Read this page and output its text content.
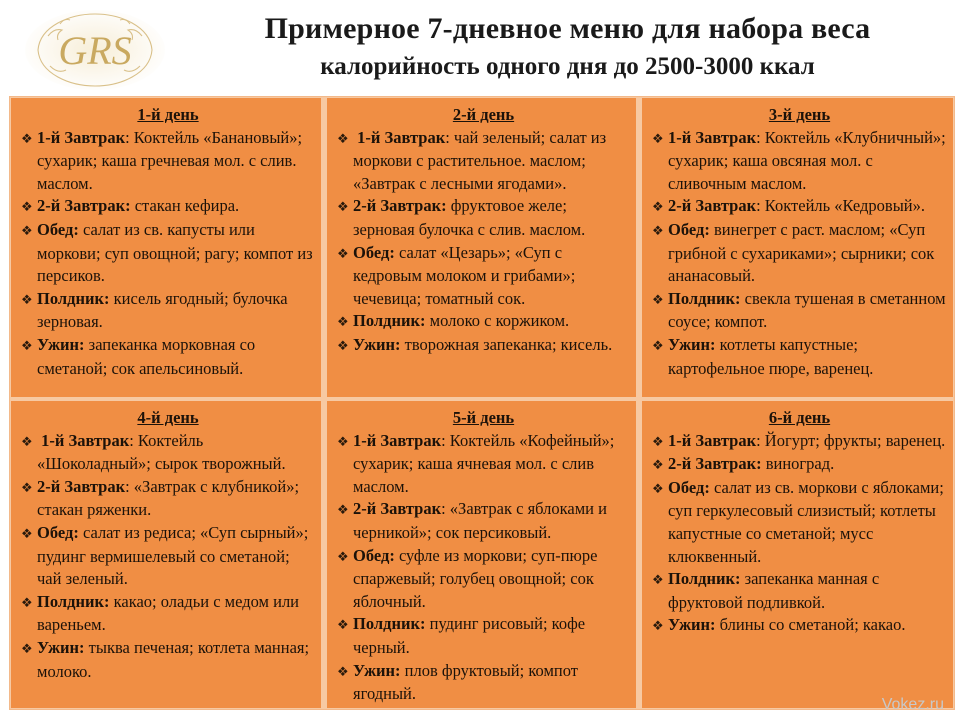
GRS	Примерное 7-дневное меню для набора веса
калорийность одного дня до 2500-3000 ккал
1-й день
❖ 1-й Завтрак: Коктейль «Банановый»; сухарик; каша гречневая мол. с слив. маслом.
❖ 2-й Завтрак: стакан кефира.
❖ Обед: салат из св. капусты или моркови; суп овощной; рагу; компот из персиков.
❖ Полдник: кисель ягодный; булочка зерновая.
❖ Ужин: запеканка морковная со сметаной; сок апельсиновый.
2-й день
❖ 1-й Завтрак: чай зеленый; салат из моркови с растительное. маслом; «Завтрак с лесными ягодами».
❖ 2-й Завтрак: фруктовое желе; зерновая булочка с слив. маслом.
❖ Обед: салат «Цезарь»; «Суп с кедровым молоком и грибами»; чечевица; томатный сок.
❖ Полдник: молоко с коржиком.
❖ Ужин: творожная запеканка; кисель.
3-й день
❖ 1-й Завтрак: Коктейль «Клубничный»; сухарик; каша овсяная мол. с сливочным маслом.
❖ 2-й Завтрак: Коктейль «Кедровый».
❖ Обед: винегрет с раст. маслом; «Суп грибной с сухариками»; сырники; сок ананасовый.
❖ Полдник: свекла тушеная в сметанном соусе; компот.
❖ Ужин: котлеты капустные; картофельное пюре, варенец.
4-й день
❖ 1-й Завтрак: Коктейль «Шоколадный»; сырок творожный.
❖ 2-й Завтрак: «Завтрак с клубникой»; стакан ряженки.
❖ Обед: салат из редиса; «Суп сырный»; пудинг вермишелевый со сметаной; чай зеленый.
❖ Полдник: какао; оладьи с медом или вареньем.
❖ Ужин: тыква печеная; котлета манная; молоко.
5-й день
❖ 1-й Завтрак: Коктейль «Кофейный»; сухарик; каша ячневая мол. с слив маслом.
❖ 2-й Завтрак: «Завтрак с яблоками и черникой»; сок персиковый.
❖ Обед: суфле из моркови; суп-пюре спаржевый; голубец овощной; сок яблочный.
❖ Полдник: пудинг рисовый; кофе черный.
❖ Ужин: плов фруктовый; компот ягодный.
6-й день
❖ 1-й Завтрак: Йогурт; фрукты; варенец.
❖ 2-й Завтрак: виноград.
❖ Обед: салат из св. моркови с яблоками; суп геркулесовый слизистый; котлеты капустные со сметаной; мусс клюквенный.
❖ Полдник: запеканка манная с фруктовой подливкой.
❖ Ужин: блины со сметаной; какао.
Vokez.ru
